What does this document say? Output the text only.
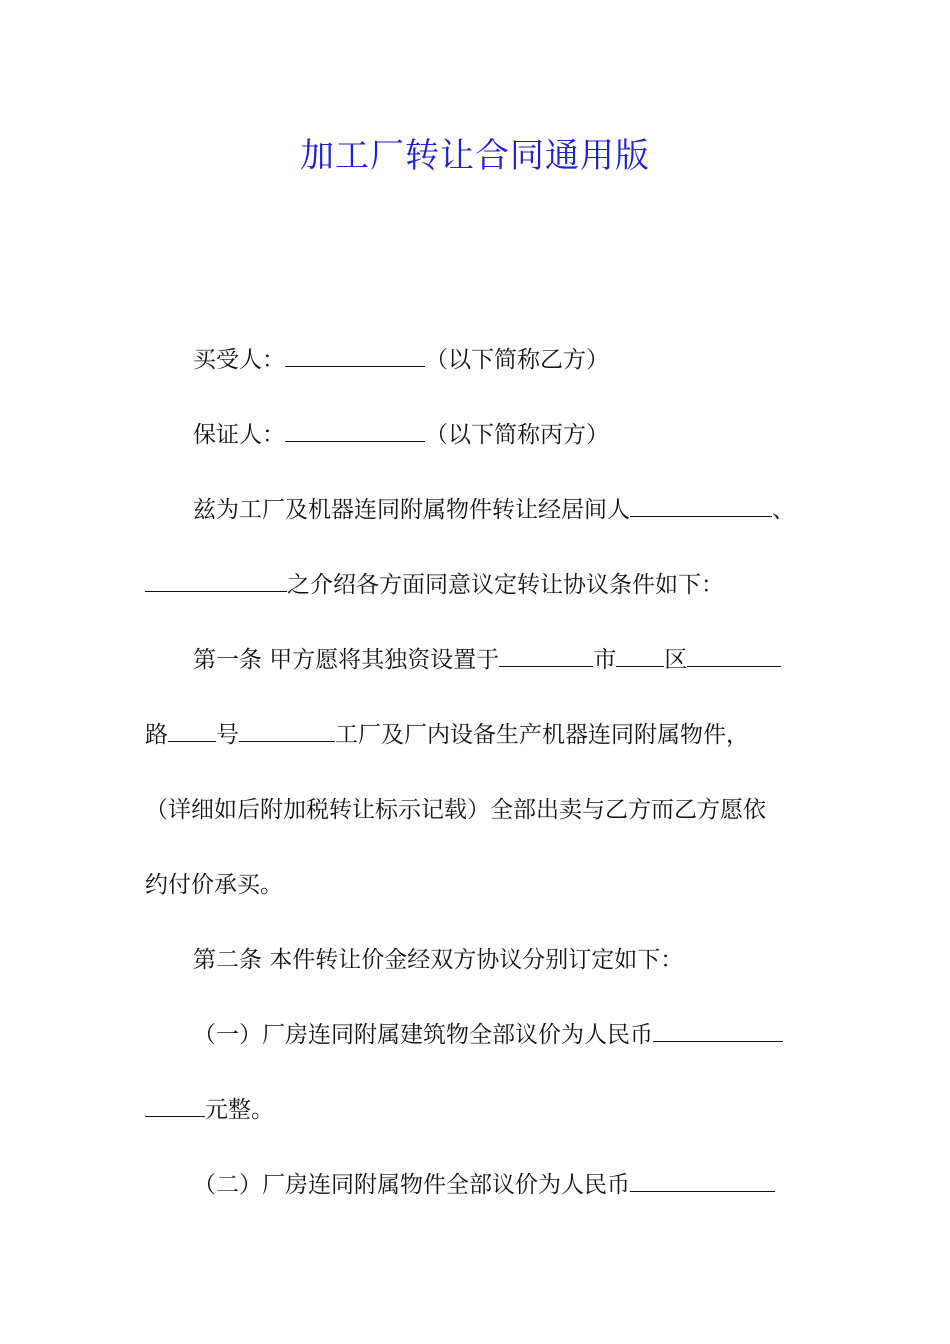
加工厂转让合同通用版
买受人：	（以下简称乙方）
保证人：	（以下简称丙方）
兹为工厂及机器连同附属物件转让经居间人	、
之介绍各方面同意议定转让协议条件如下：
第一条 甲方愿将其独资设置于	市 区
路 号	工厂及厂内设备生产机器连同附属物件，
（详细如后附加税转让标示记载）全部出卖与乙方而乙方愿依
约付价承买。
第二条 本件转让价金经双方协议分别订定如下：
（一）厂房连同附属建筑物全部议价为人民币
元整。
（二）厂房连同附属物件全部议价为人民币
